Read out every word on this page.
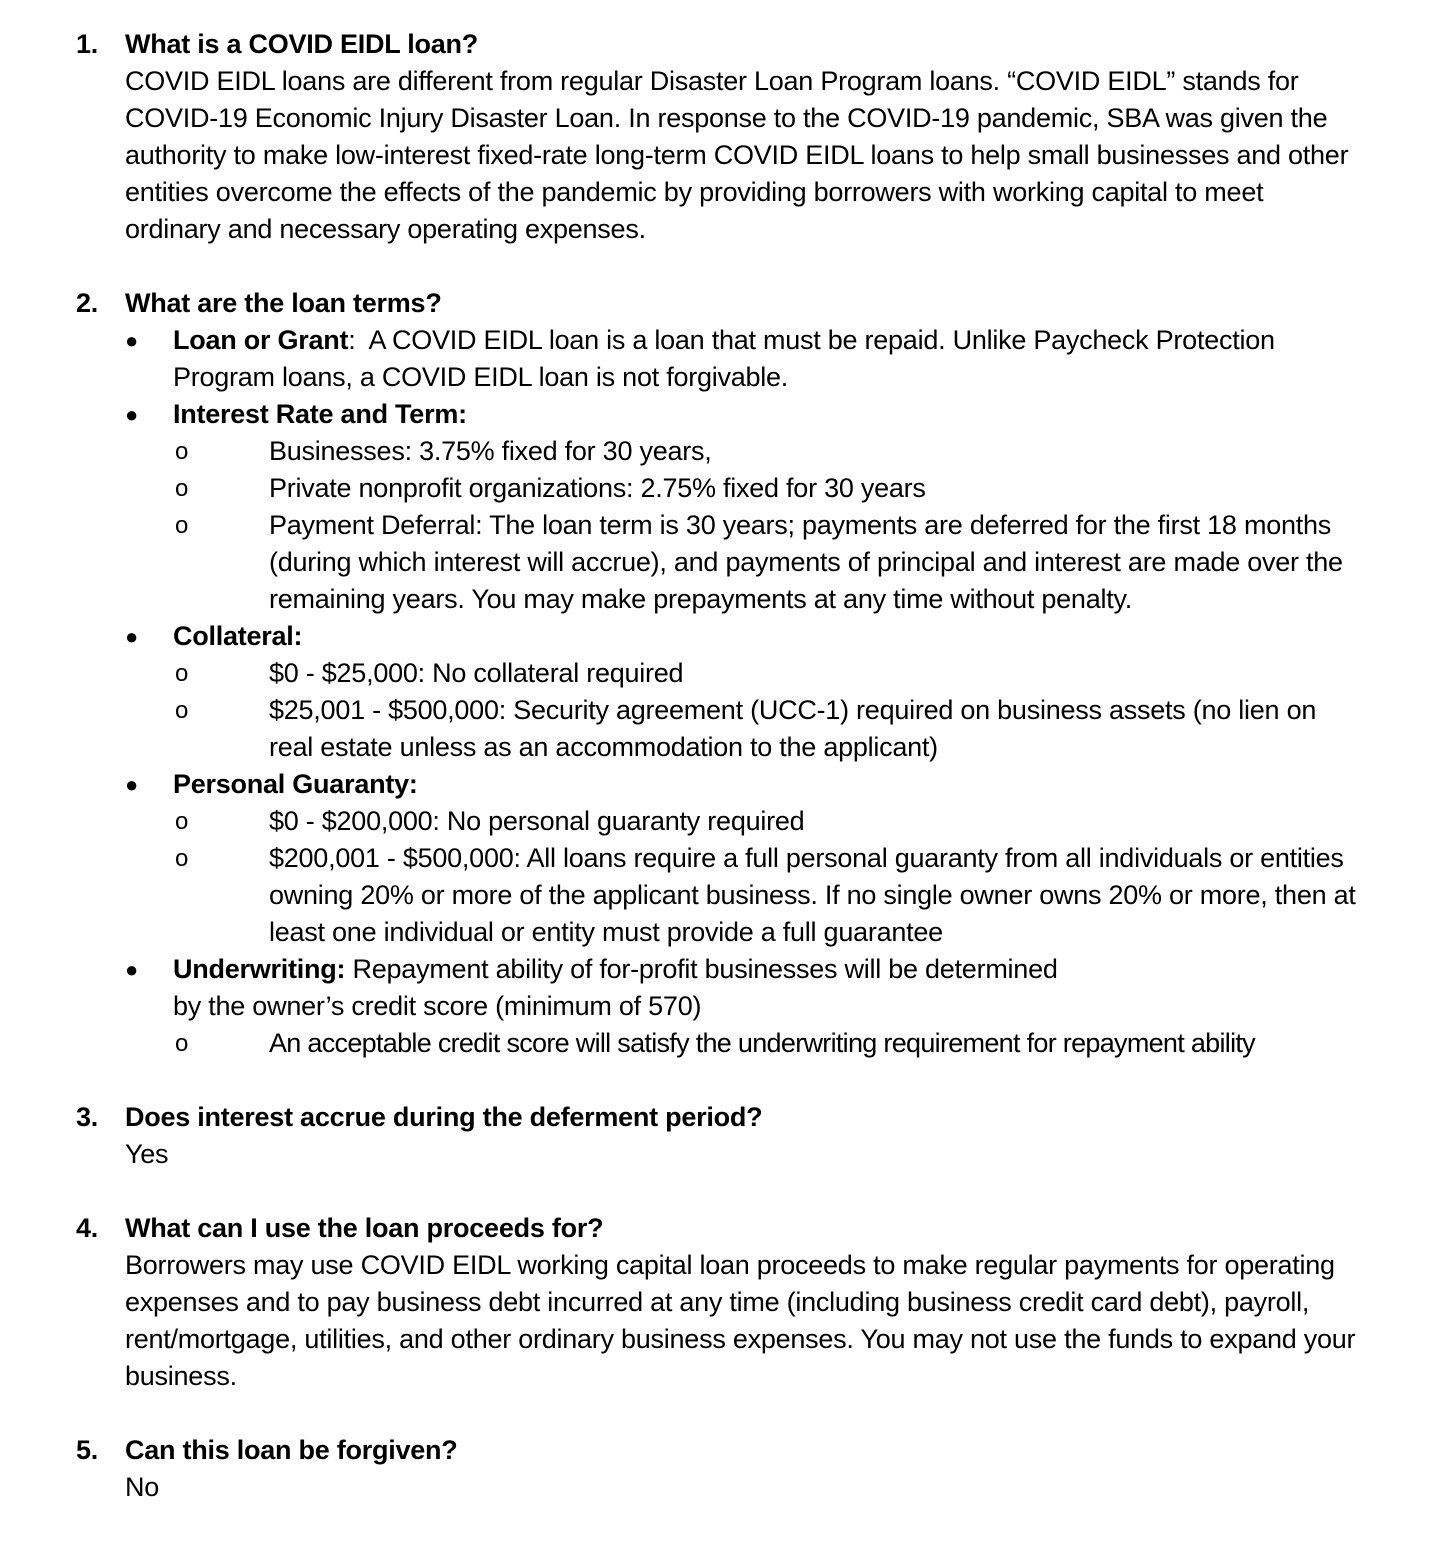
1. What is a COVID EIDL loan?

COVID EIDL loans are different from regular Disaster Loan Program loans. “COVID EIDL” stands for COVID-19 Economic Injury Disaster Loan. In response to the COVID-19 pandemic, SBA was given the authority to make low-interest fixed-rate long-term COVID EIDL loans to help small businesses and other entities overcome the effects of the pandemic by providing borrowers with working capital to meet ordinary and necessary operating expenses.

2. What are the loan terms?
● Loan or Grant:  A COVID EIDL loan is a loan that must be repaid. Unlike Paycheck Protection Program loans, a COVID EIDL loan is not forgivable.
● Interest Rate and Term:
o	Businesses: 3.75% fixed for 30 years,
o	Private nonprofit organizations: 2.75% fixed for 30 years
o	Payment Deferral: The loan term is 30 years; payments are deferred for the first 18 months (during which interest will accrue), and payments of principal and interest are made over the remaining years. You may make prepayments at any time without penalty.
● Collateral:
o	$0 - $25,000: No collateral required
o	$25,001 - $500,000: Security agreement (UCC-1) required on business assets (no lien on real estate unless as an accommodation to the applicant)
● Personal Guaranty:
o	$0 - $200,000: No personal guaranty required
o	$200,001 - $500,000: All loans require a full personal guaranty from all individuals or entities owning 20% or more of the applicant business. If no single owner owns 20% or more, then at least one individual or entity must provide a full guarantee
● Underwriting: Repayment ability of for-profit businesses will be determined
by the owner’s credit score (minimum of 570)
o	An acceptable credit score will satisfy the underwriting requirement for repayment ability
3. Does interest accrue during the deferment period?

Yes

4. What can I use the loan proceeds for?

Borrowers may use COVID EIDL working capital loan proceeds to make regular payments for operating expenses and to pay business debt incurred at any time (including business credit card debt), payroll, rent/mortgage, utilities, and other ordinary business expenses. You may not use the funds to expand your business.

5. Can this loan be forgiven?

No
